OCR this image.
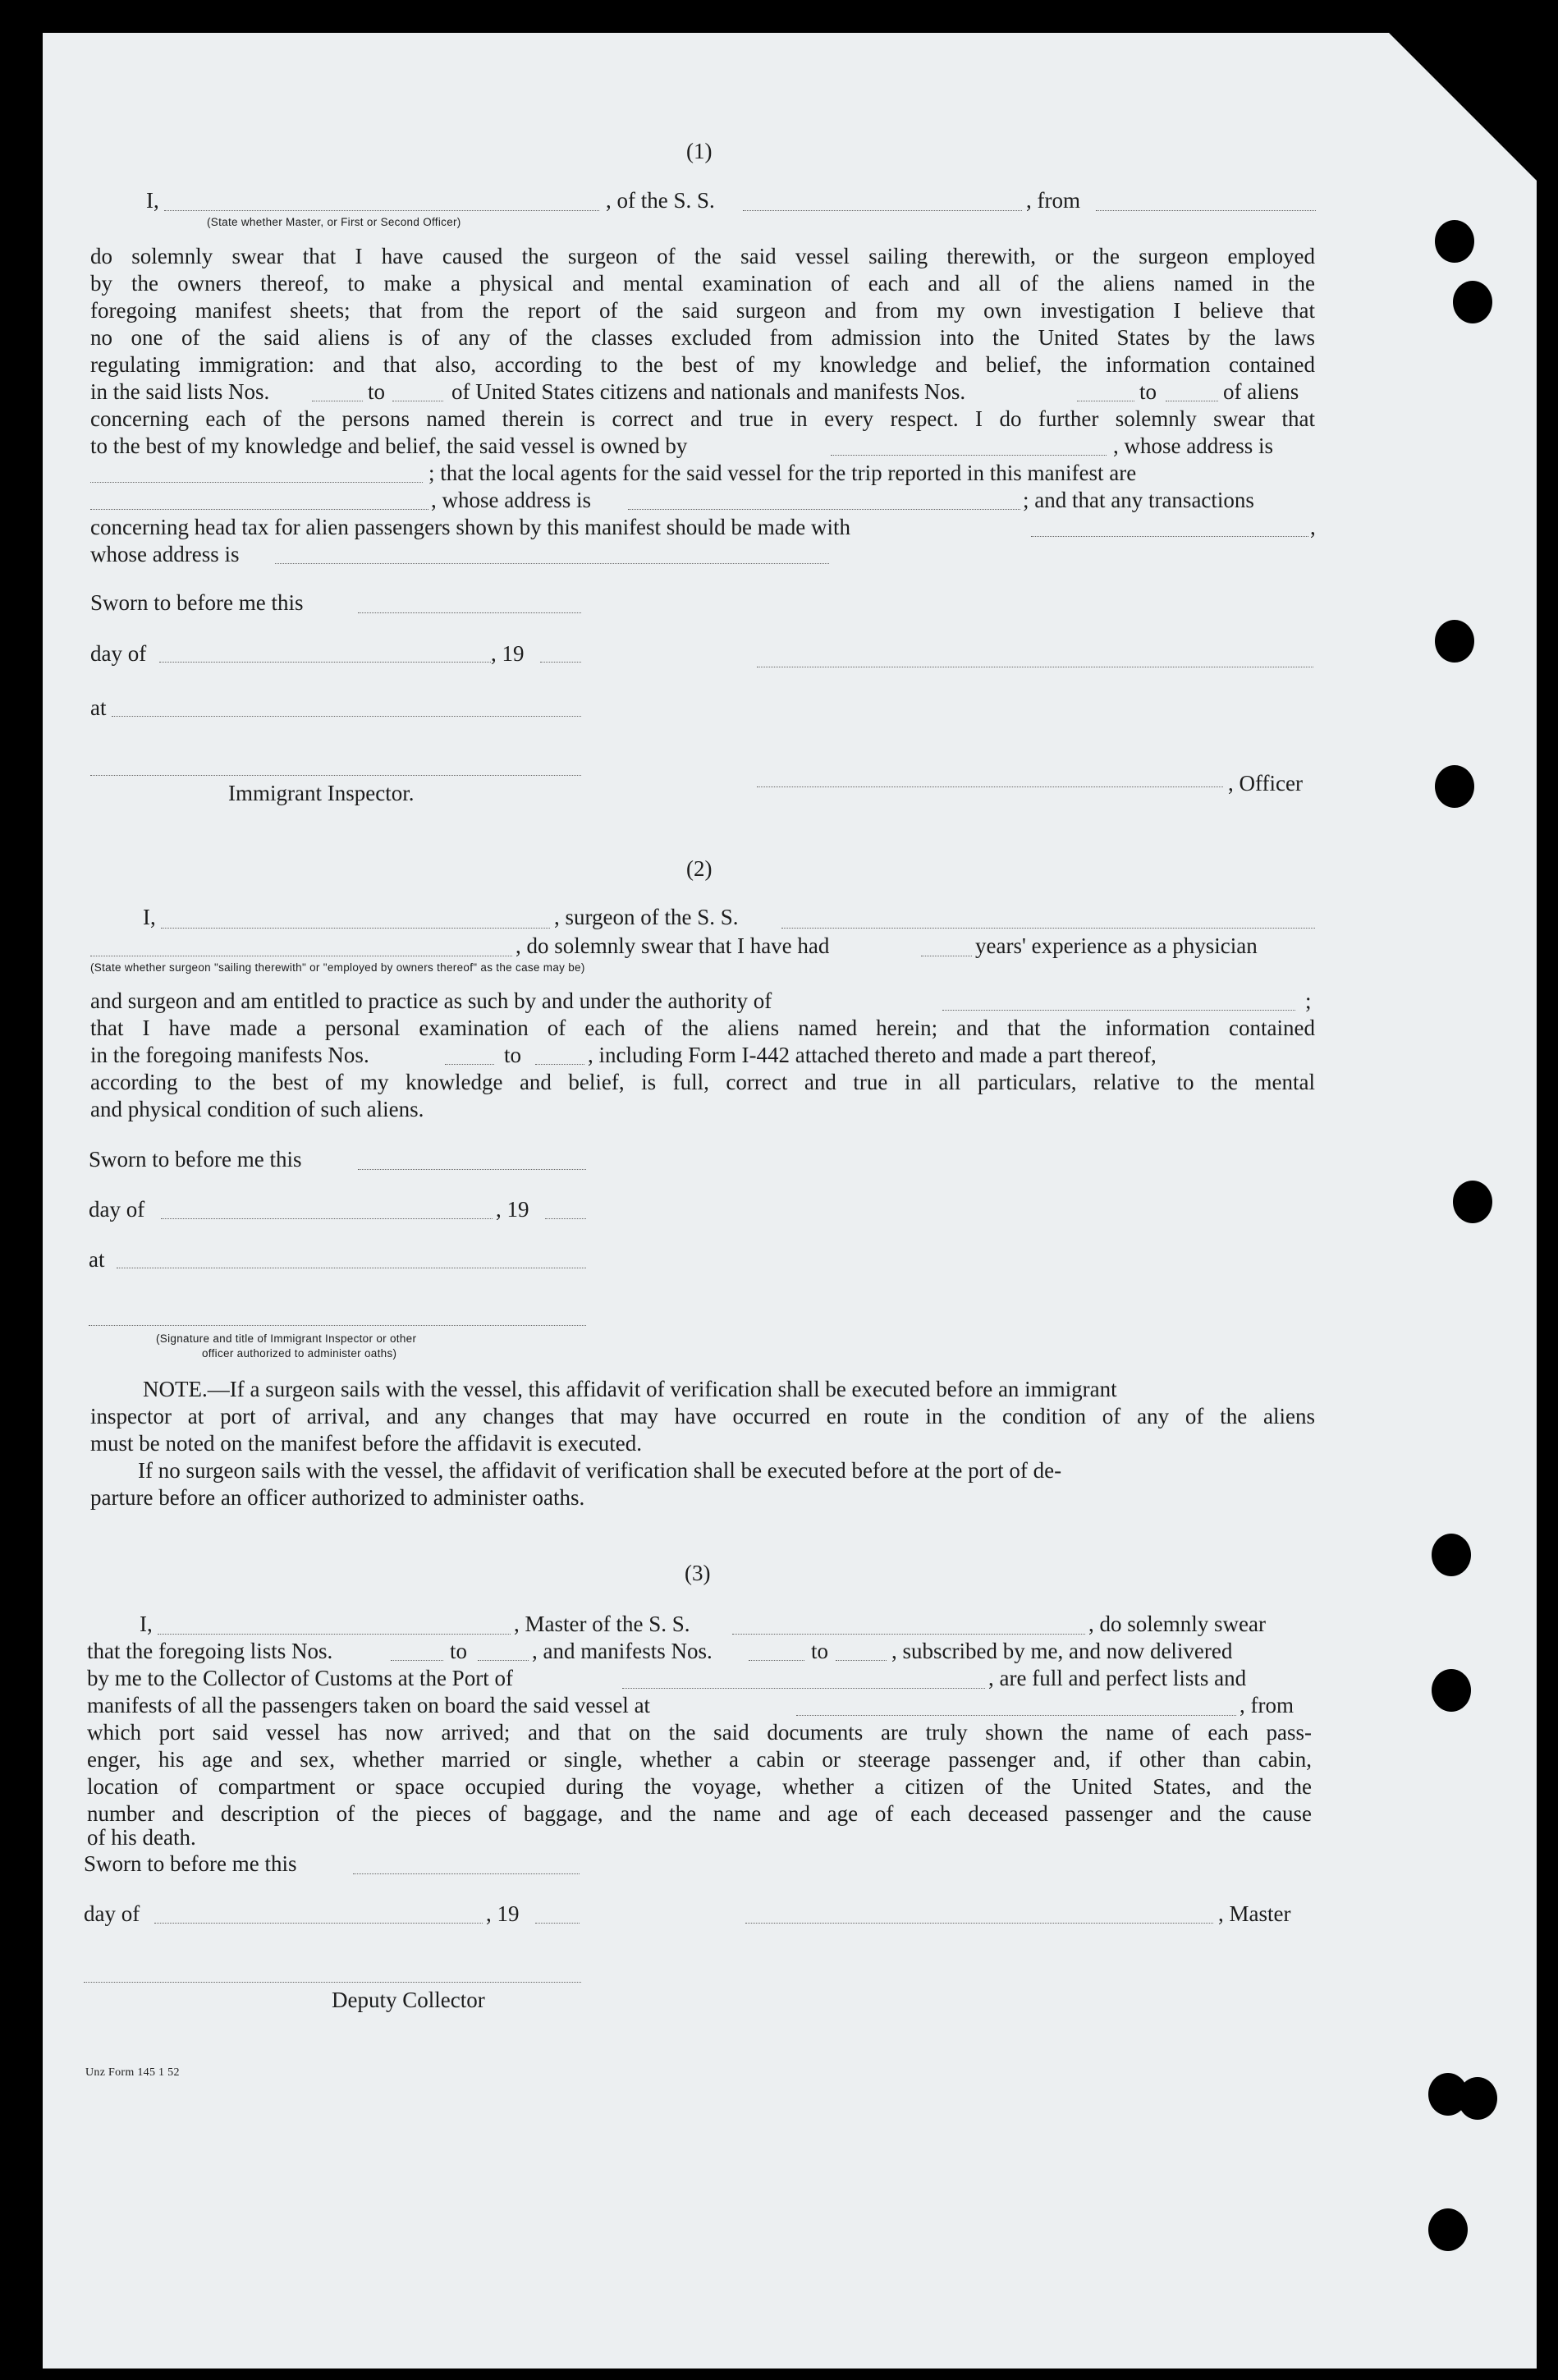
(1)
I,	, of the S. S.	, from
(State whether Master, or First or Second Officer)
do solemnly swear that I have caused the surgeon of the said vessel sailing therewith, or the surgeon employed
by the owners thereof, to make a physical and mental examination of each and all of the aliens named in the
foregoing manifest sheets; that from the report of the said surgeon and from my own investigation I believe that
no one of the said aliens is of any of the classes excluded from admission into the United States by the laws
regulating immigration: and that also, according to the best of my knowledge and belief, the information contained
in the said lists Nos.	to	of United States citizens and nationals and manifests Nos.	to	of aliens
concerning each of the persons named therein is correct and true in every respect. I do further solemnly swear that
to the best of my knowledge and belief, the said vessel is owned by	, whose address is
; that the local agents for the said vessel for the trip reported in this manifest are
, whose address is	; and that any transactions
concerning head tax for alien passengers shown by this manifest should be made with	,
whose address is
Sworn to before me this
day of	, 19
at
Immigrant Inspector.	, Officer
(2)
I,	, surgeon of the S. S.
, do solemnly swear that I have had	years' experience as a physician
(State whether surgeon "sailing therewith" or "employed by owners thereof" as the case may be)
and surgeon and am entitled to practice as such by and under the authority of	;
that I have made a personal examination of each of the aliens named herein; and that the information contained
in the foregoing manifests Nos.	to	, including Form I-442 attached thereto and made a part thereof,
according to the best of my knowledge and belief, is full, correct and true in all particulars, relative to the mental
and physical condition of such aliens.
Sworn to before me this
day of	, 19
at
(Signature and title of Immigrant Inspector or other
officer authorized to administer oaths)
NOTE.—If a surgeon sails with the vessel, this affidavit of verification shall be executed before an immigrant
inspector at port of arrival, and any changes that may have occurred en route in the condition of any of the aliens
must be noted on the manifest before the affidavit is executed.
If no surgeon sails with the vessel, the affidavit of verification shall be executed before at the port of de-
parture before an officer authorized to administer oaths.
(3)
I,	, Master of the S. S.	, do solemnly swear
that the foregoing lists Nos.	to	, and manifests Nos.	to	, subscribed by me, and now delivered
by me to the Collector of Customs at the Port of	, are full and perfect lists and
manifests of all the passengers taken on board the said vessel at	, from
which port said vessel has now arrived; and that on the said documents are truly shown the name of each pass-
enger, his age and sex, whether married or single, whether a cabin or steerage passenger and, if other than cabin,
location of compartment or space occupied during the voyage, whether a citizen of the United States, and the
number and description of the pieces of baggage, and the name and age of each deceased passenger and the cause
of his death.
Sworn to before me this
day of	, 19	, Master
Deputy Collector
Unz Form 145 1 52
